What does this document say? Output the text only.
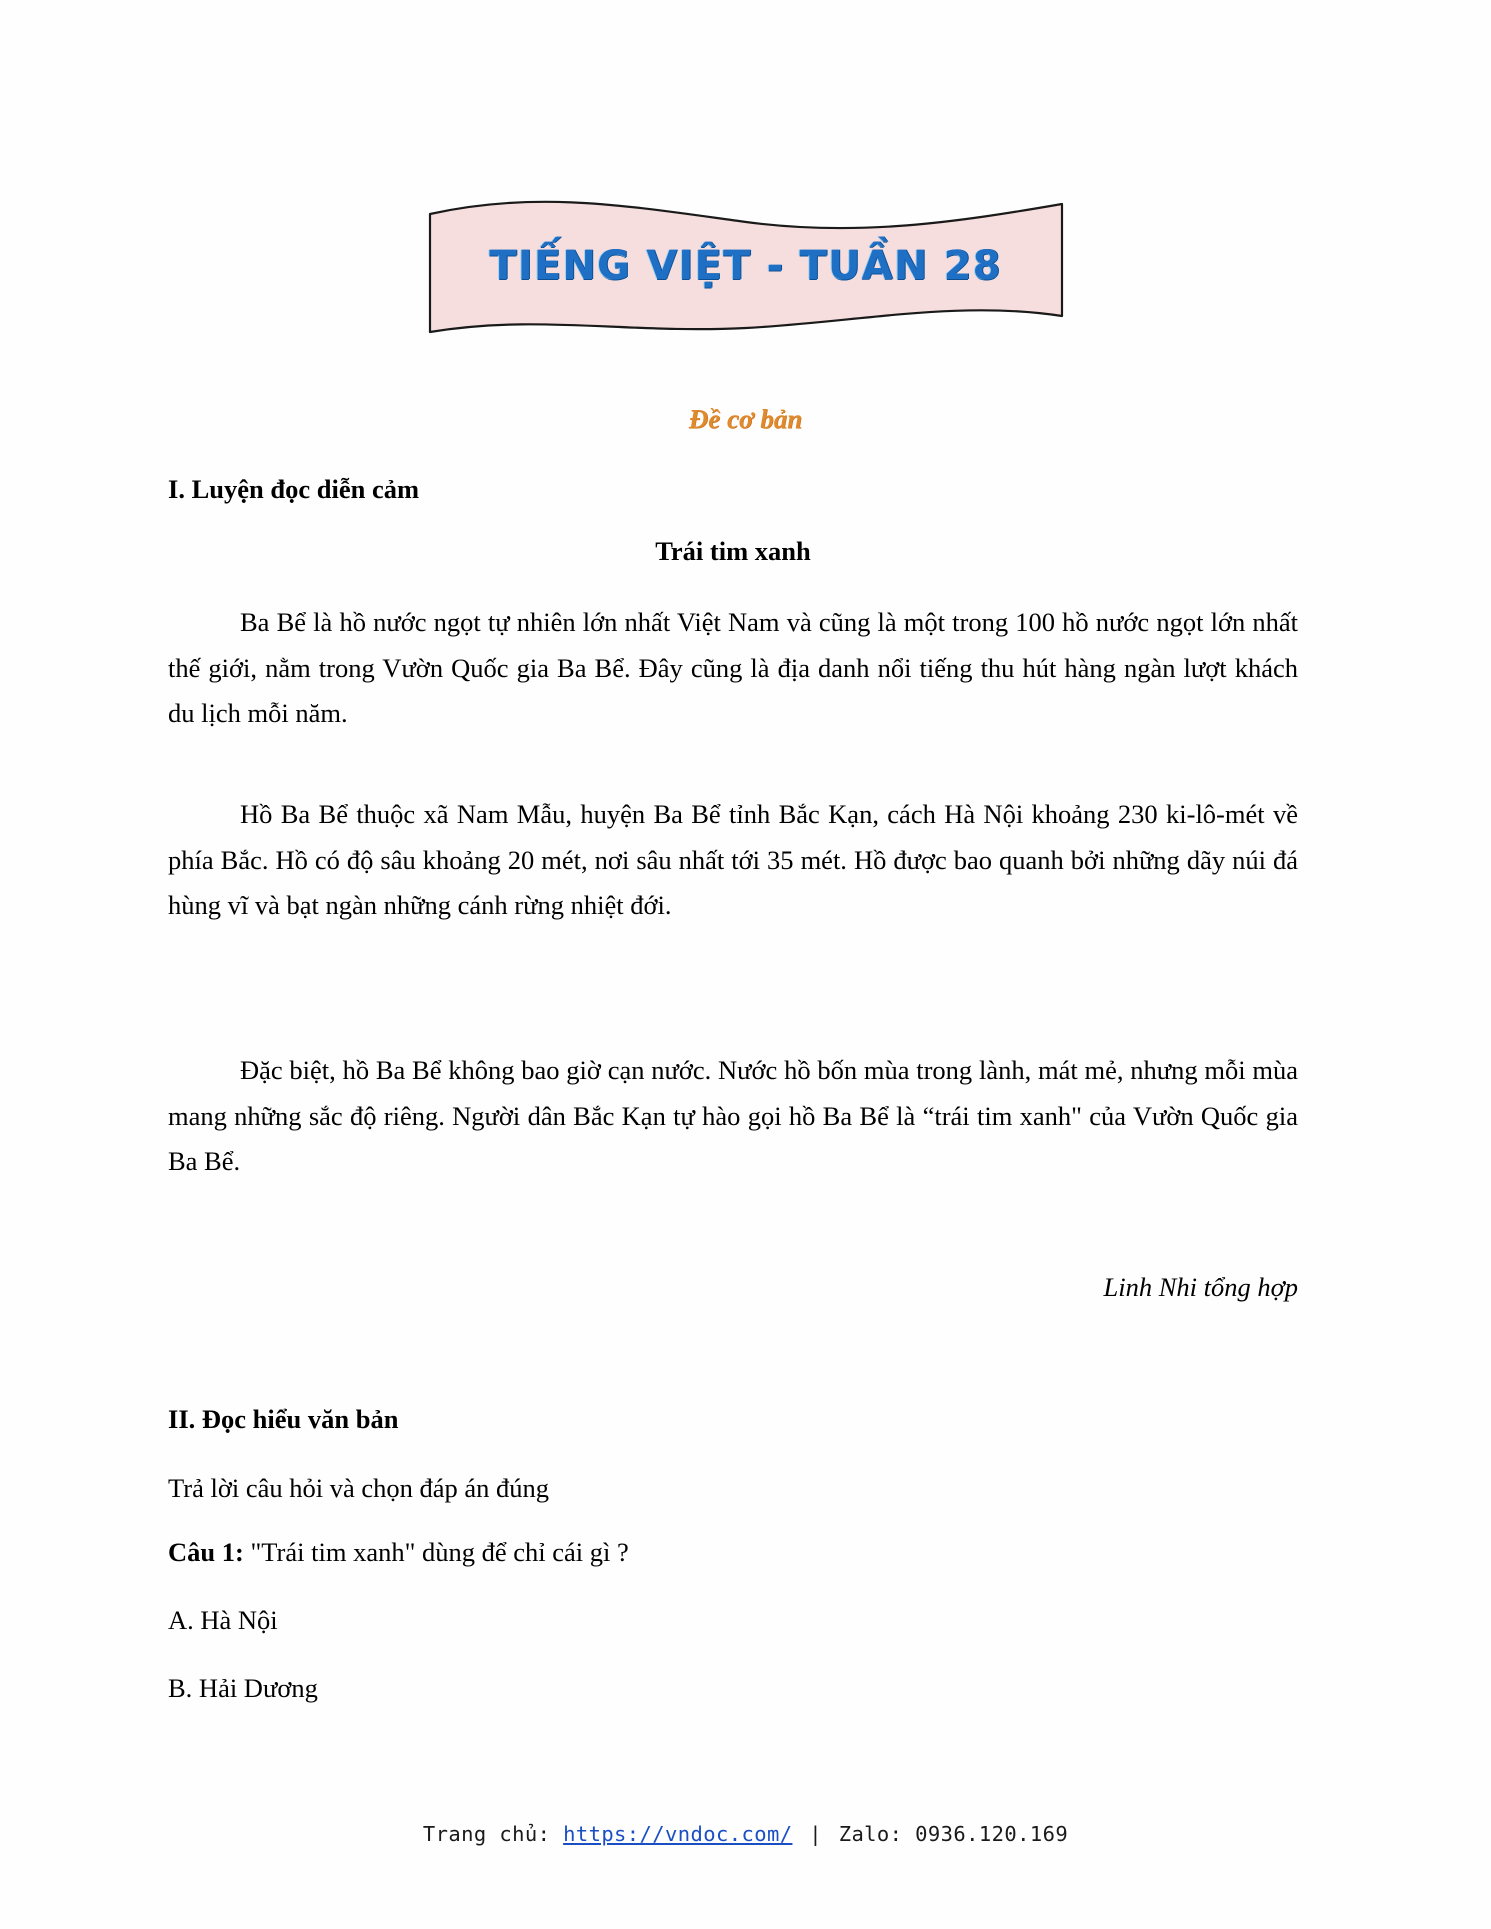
TIẾNG VIỆT - TUẦN 28
Đề cơ bản
I. Luyện đọc diễn cảm
Trái tim xanh

Ba Bể là hồ nước ngọt tự nhiên lớn nhất Việt Nam và cũng là một trong 100 hồ nước ngọt lớn nhất thế giới, nằm trong Vườn Quốc gia Ba Bể. Đây cũng là địa danh nổi tiếng thu hút hàng ngàn lượt khách du lịch mỗi năm.

Hồ Ba Bể thuộc xã Nam Mẫu, huyện Ba Bể tỉnh Bắc Kạn, cách Hà Nội khoảng 230 ki-lô-mét về phía Bắc. Hồ có độ sâu khoảng 20 mét, nơi sâu nhất tới 35 mét. Hồ được bao quanh bởi những dãy núi đá hùng vĩ và bạt ngàn những cánh rừng nhiệt đới.

Đặc biệt, hồ Ba Bể không bao giờ cạn nước. Nước hồ bốn mùa trong lành, mát mẻ, nhưng mỗi mùa mang những sắc độ riêng. Người dân Bắc Kạn tự hào gọi hồ Ba Bể là “trái tim xanh" của Vườn Quốc gia Ba Bể.

Linh Nhi tổng hợp

II. Đọc hiểu văn bản

Trả lời câu hỏi và chọn đáp án đúng

Câu 1: "Trái tim xanh" dùng để chỉ cái gì ?

A. Hà Nội

B. Hải Dương

Trang chủ: https://vndoc.com/ | Zalo: 0936.120.169
